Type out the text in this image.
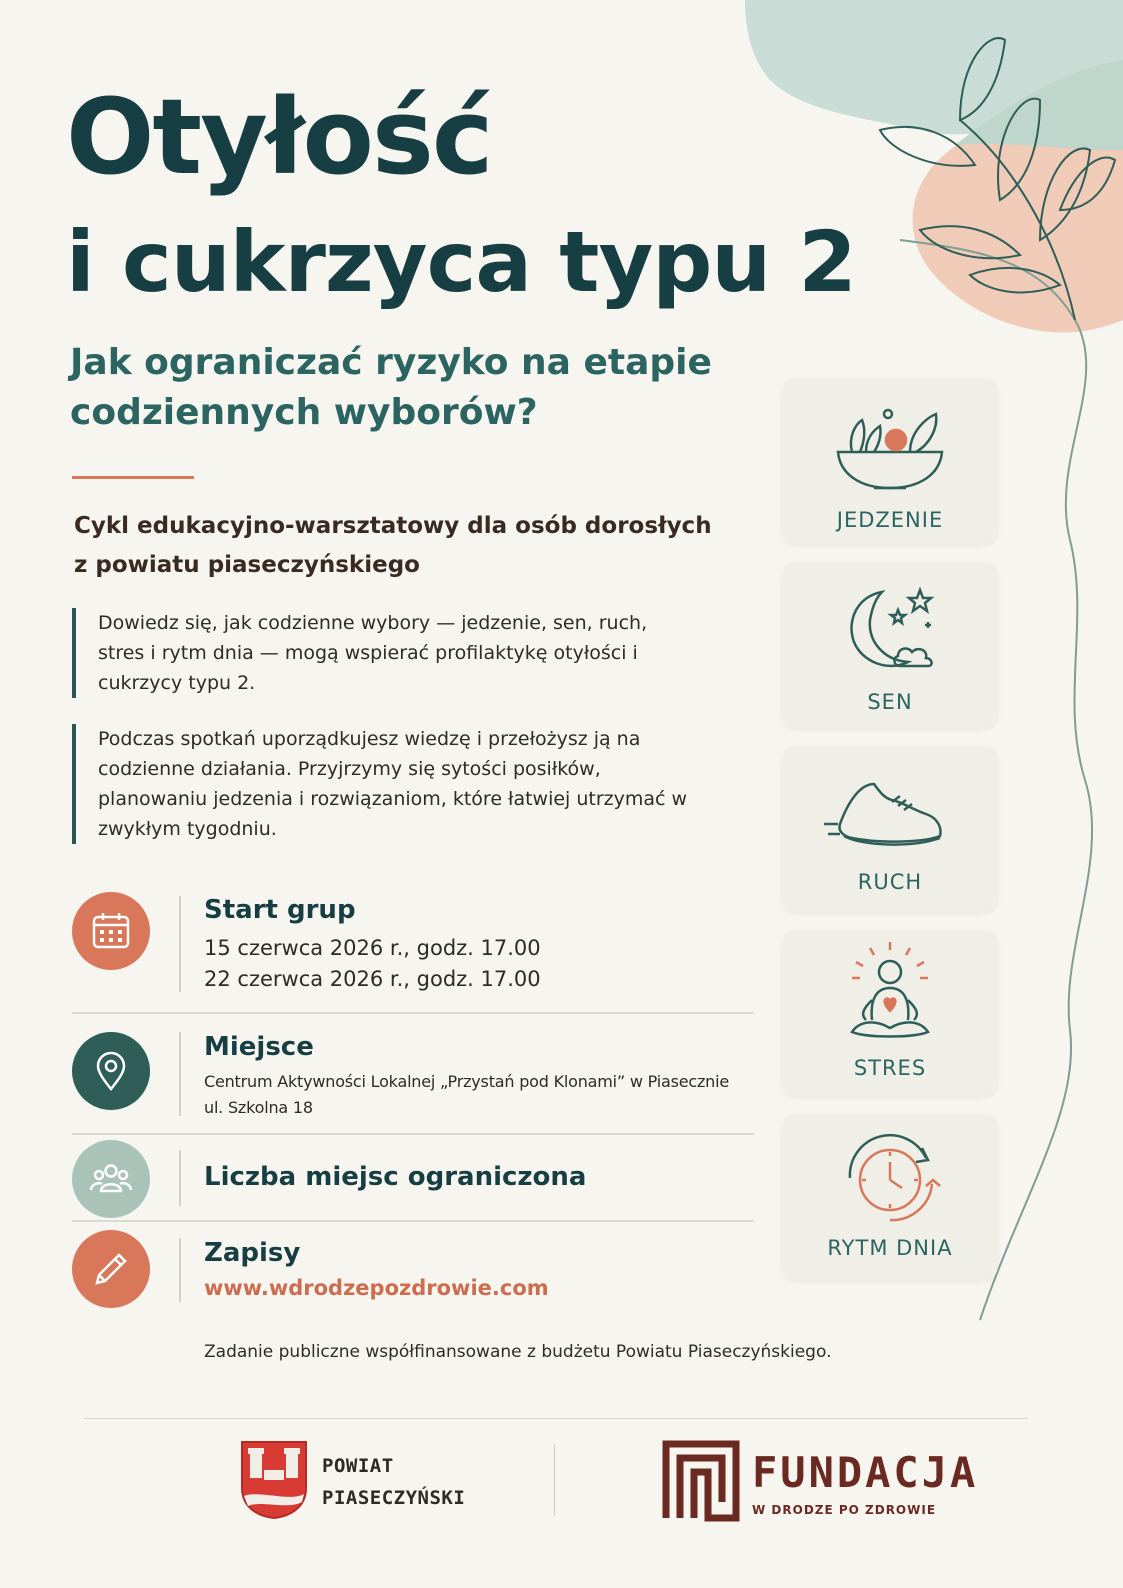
Otyłość
i cukrzyca typu 2
Jak ograniczać ryzyko na etapie codziennych wyborów?
Cykl edukacyjno-warsztatowy dla osób dorosłych z powiatu piaseczyńskiego
Dowiedz się, jak codzienne wybory — jedzenie, sen, ruch, stres i rytm dnia — mogą wspierać profilaktykę otyłości i cukrzycy typu 2.
Podczas spotkań uporządkujesz wiedzę i przełożysz ją na codzienne działania. Przyjrzymy się sytości posiłków, planowaniu jedzenia i rozwiązaniom, które łatwiej utrzymać w zwykłym tygodniu.
Start grup
15 czerwca 2026 r., godz. 17.00
22 czerwca 2026 r., godz. 17.00
Miejsce
Centrum Aktywności Lokalnej „Przystań pod Klonami” w Piasecznie
ul. Szkolna 18
Liczba miejsc ograniczona
Zapisy
www.wdrodzepozdrowie.com
Zadanie publiczne współfinansowane z budżetu Powiatu Piaseczyńskiego.
JEDZENIE
SEN
RUCH
STRES
RYTM DNIA
POWIAT
PIASECZYŃSKI
FUNDACJA
W DRODZE PO ZDROWIE
